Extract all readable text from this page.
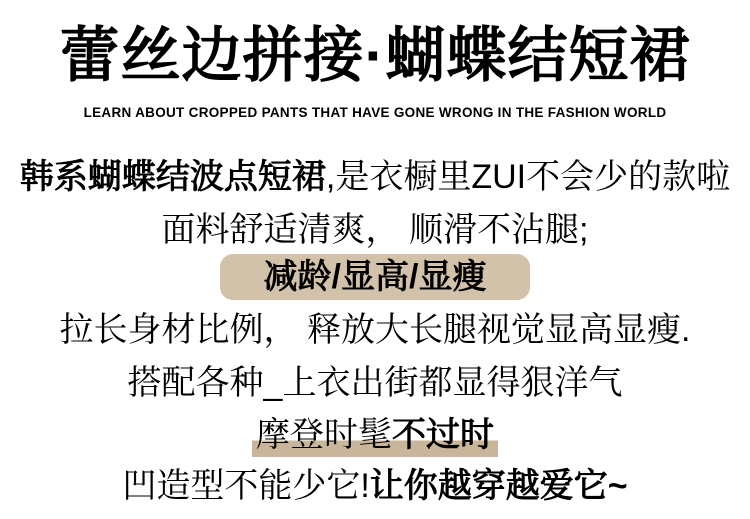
蕾丝边拼接·蝴蝶结短裙
LEARN ABOUT CROPPED PANTS THAT HAVE GONE WRONG IN THE FASHION WORLD
韩系蝴蝶结波点短裙,是衣橱里ZUI不会少的款啦
面料舒适清爽， 顺滑不沾腿;
减龄/显高/显瘦
拉长身材比例， 释放大长腿视觉显高显瘦.
搭配各种_上衣出街都显得狠洋气
摩登时髦不过时
凹造型不能少它!让你越穿越爱它~
